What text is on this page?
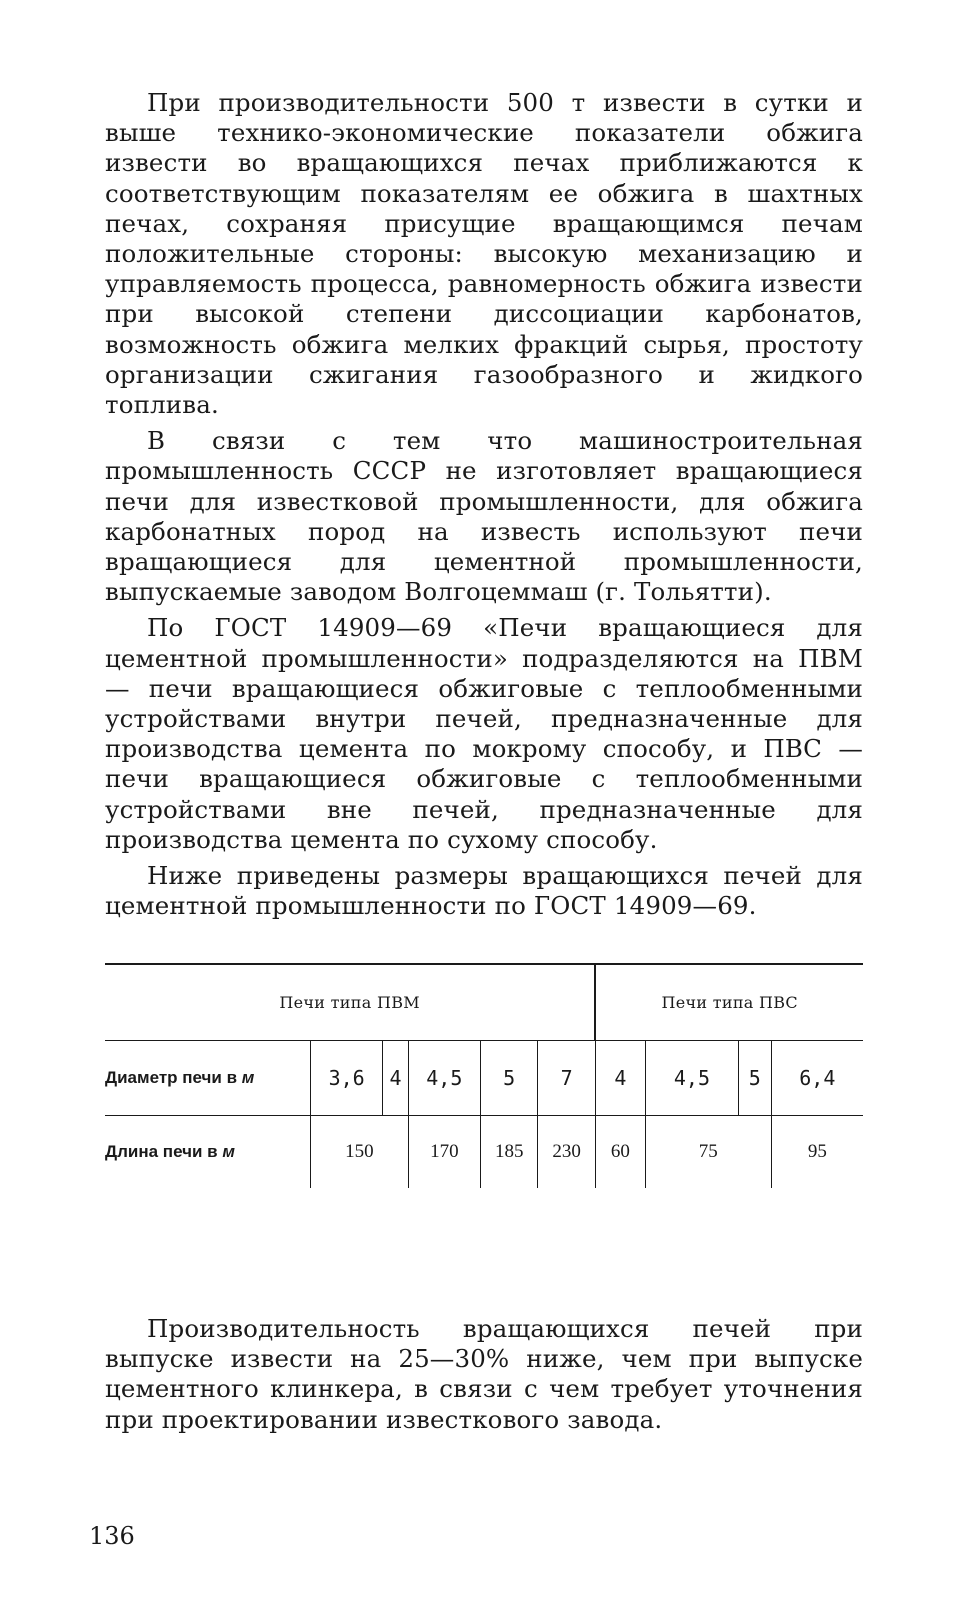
При производительности 500 т извести в сутки и выше технико-экономические показатели обжига извести во вращающихся печах приближаются к соответствующим показателям ее обжига в шахтных печах, сохраняя присущие вращающимся печам положительные стороны: высокую механизацию и управляемость процесса, равномерность обжига извести при высокой степени диссоциации карбонатов, возможность обжига мелких фракций сырья, простоту организации сжигания газообразного и жидкого топлива.

В связи с тем что машиностроительная промышленность СССР не изготовляет вращающиеся печи для известковой промышленности, для обжига карбонатных пород на известь используют печи вращающиеся для цементной промышленности, выпускаемые заводом Волгоцеммаш (г. Тольятти).

По ГОСТ 14909—69 «Печи вращающиеся для цементной промышленности» подразделяются на ПВМ — печи вращающиеся обжиговые с теплообменными устройствами внутри печей, предназначенные для производства цемента по мокрому способу, и ПВС — печи вращающиеся обжиговые с теплообменными устройствами вне печей, предназначенные для производства цемента по сухому способу.

Ниже приведены размеры вращающихся печей для цементной промышленности по ГОСТ 14909—69.

Печи типа ПВМ						Печи типа ПВС			
Диаметр печи в м	3,6	4	4,5	5	7	4	4,5	5	6,4
Длина печи в м	150		170	185	230	60	75		95

Производительность вращающихся печей при выпуске извести на 25—30% ниже, чем при выпуске цементного клинкера, в связи с чем требует уточнения при проектировании известкового завода.

136
